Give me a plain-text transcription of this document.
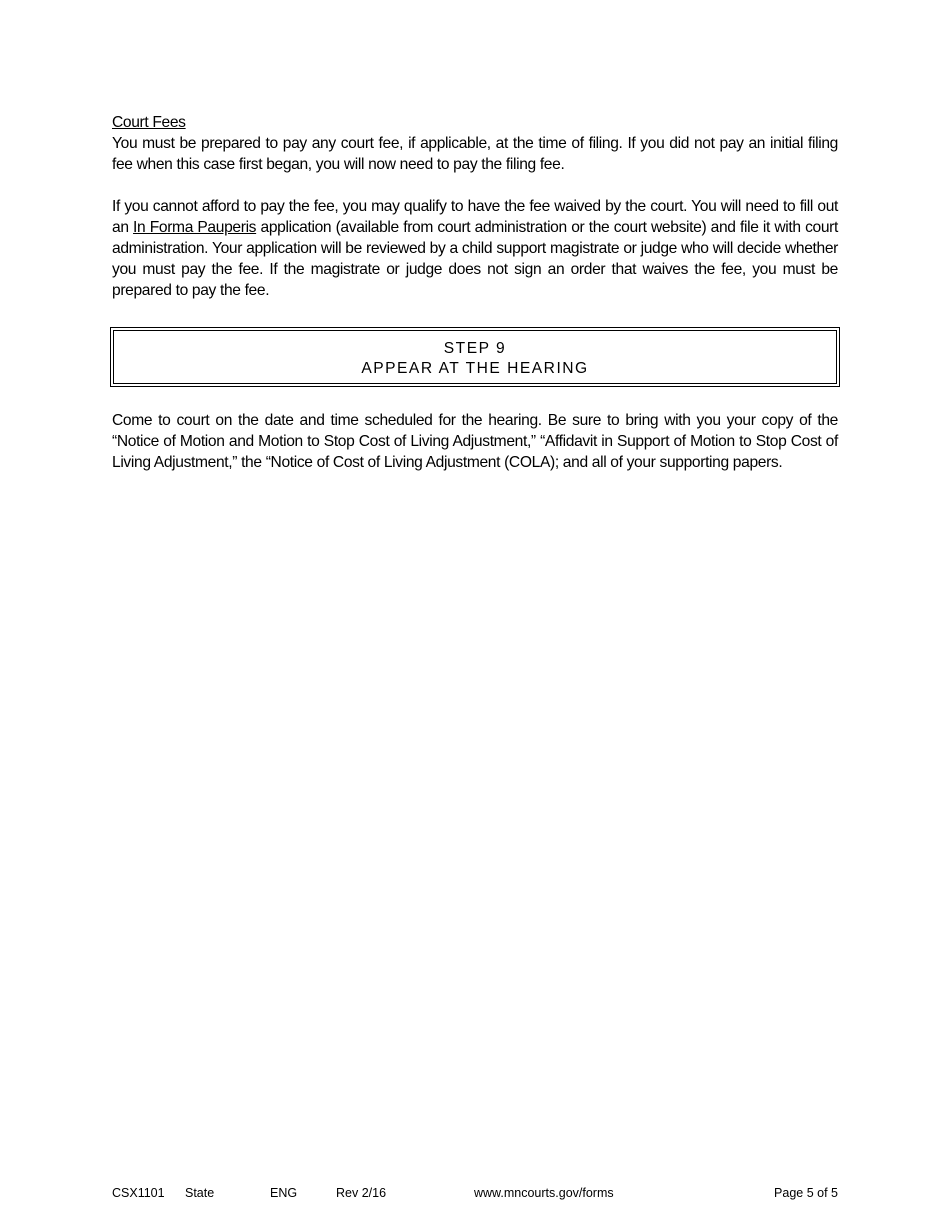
Court Fees

You must be prepared to pay any court fee, if applicable, at the time of filing. If you did not pay an initial filing fee when this case first began, you will now need to pay the filing fee.

If you cannot afford to pay the fee, you may qualify to have the fee waived by the court. You will need to fill out an In Forma Pauperis application (available from court administration or the court website) and file it with court administration. Your application will be reviewed by a child support magistrate or judge who will decide whether you must pay the fee. If the magistrate or judge does not sign an order that waives the fee, you must be prepared to pay the fee.

STEP 9
APPEAR AT THE HEARING

Come to court on the date and time scheduled for the hearing. Be sure to bring with you your copy of the “Notice of Motion and Motion to Stop Cost of Living Adjustment,” “Affidavit in Support of Motion to Stop Cost of Living Adjustment,” the “Notice of Cost of Living Adjustment (COLA); and all of your supporting papers.

CSX1101 State	ENG	Rev 2/16	www.mncourts.gov/forms	Page 5 of 5
